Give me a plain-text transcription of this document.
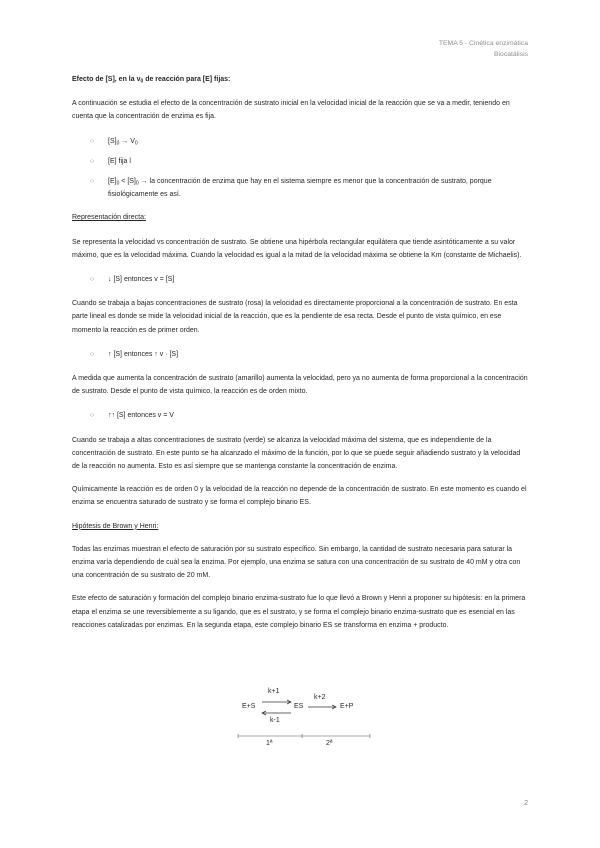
TEMA 5 - Cinética enzimática
Biocatálisis

Efecto de [S], en la $v_0$ de reacción para [E] fijas:

A continuación se estudia el efecto de la concentración de sustrato inicial en la velocidad inicial de la reacción que se va a medir, teniendo en cuenta que la concentración de enzima es fija.

○ $[S]_0 \to V_0$
○ [E] fija l
○ $[E]_0 < [S]_0$ → la concentración de enzima que hay en el sistema siempre es menor que la concentración de sustrato, porque fisiológicamente es así.

Representación directa:

Se representa la velocidad vs concentración de sustrato. Se obtiene una hipérbola rectangular equilátera que tiende asintóticamente a su valor máximo, que es la velocidad máxima. Cuando la velocidad es igual a la mitad de la velocidad máxima se obtiene la Km (constante de Michaelis).

○ ↓ [S] entonces v = [S]

Cuando se trabaja a bajas concentraciones de sustrato (rosa) la velocidad es directamente proporcional a la concentración de sustrato. En esta parte lineal es donde se mide la velocidad inicial de la reacción, que es la pendiente de esa recta. Desde el punto de vista químico, en ese momento la reacción es de primer orden.

○ ↑ [S] entonces ↑ v · [S]

A medida que aumenta la concentración de sustrato (amarillo) aumenta la velocidad, pero ya no aumenta de forma proporcional a la concentración de sustrato. Desde el punto de vista químico, la reacción es de orden mixto.

○ ↑↑ [S] entonces v = V

Cuando se trabaja a altas concentraciones de sustrato (verde) se alcanza la velocidad máxima del sistema, que es independiente de la concentración de sustrato. En este punto se ha alcanzado el máximo de la función, por lo que se puede seguir añadiendo sustrato y la velocidad de la reacción no aumenta. Esto es así siempre que se mantenga constante la concentración de enzima.

Químicamente la reacción es de orden 0 y la velocidad de la reacción no depende de la concentración de sustrato. En este momento es cuando el enzima se encuentra saturado de sustrato y se forma el complejo binario ES.

Hipótesis de Brown y Henri:

Todas las enzimas muestran el efecto de saturación por su sustrato específico. Sin embargo, la cantidad de sustrato necesaria para saturar la enzima varía dependiendo de cuál sea la enzima. Por ejemplo, una enzima se satura con una concentración de su sustrato de 40 mM y otra con una concentración de su sustrato de 20 mM.

Este efecto de saturación y formación del complejo binario enzima-sustrato fue lo que llevó a Brown y Henri a proponer su hipótesis: en la primera etapa el enzima se une reversiblemente a su ligando, que es el sustrato, y se forma el complejo binario enzima-sustrato que es esencial en las reacciones catalizadas por enzimas. En la segunda etapa, este complejo binario ES se transforma en enzima + producto.

k+1
k+2
E+S	ES	E+P
k-1
1ª	2ª
2
